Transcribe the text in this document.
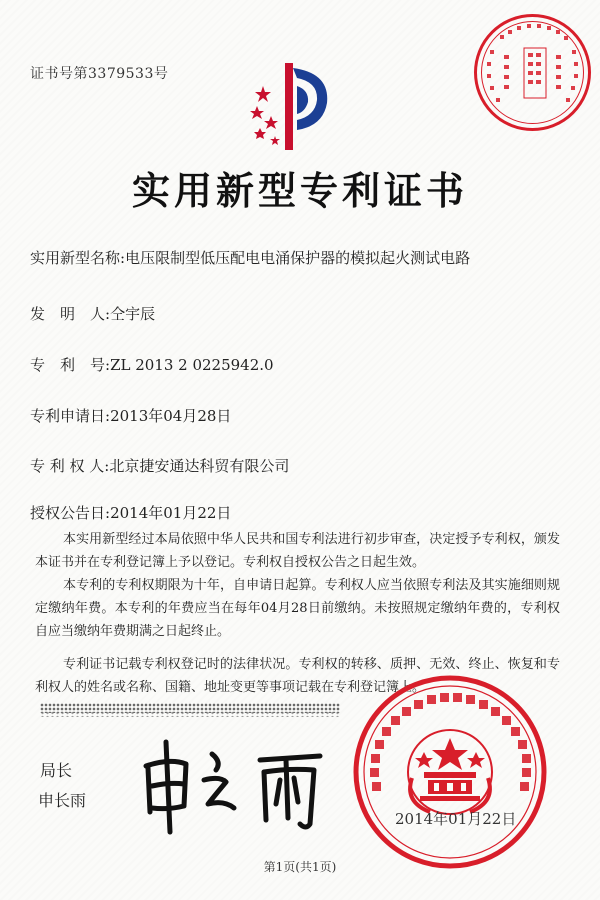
证书号第3379533号
实用新型专利证书
实用新型名称:电压限制型低压配电电涌保护器的模拟起火测试电路
发　明　人:仝宇辰
专　利　号:ZL 2013 2 0225942.0
专利申请日:2013年04月28日
专 利 权 人:北京捷安通达科贸有限公司
授权公告日:2014年01月22日

本实用新型经过本局依照中华人民共和国专利法进行初步审查，决定授予专利权，颁发本证书并在专利登记簿上予以登记。专利权自授权公告之日起生效。

本专利的专利权期限为十年，自申请日起算。专利权人应当依照专利法及其实施细则规定缴纳年费。本专利的年费应当在每年04月28日前缴纳。未按照规定缴纳年费的，专利权自应当缴纳年费期满之日起终止。

专利证书记载专利权登记时的法律状况。专利权的转移、质押、无效、终止、恢复和专利权人的姓名或名称、国籍、地址变更等事项记载在专利登记簿上。

局长
申长雨
2014年01月22日
第1页(共1页)
